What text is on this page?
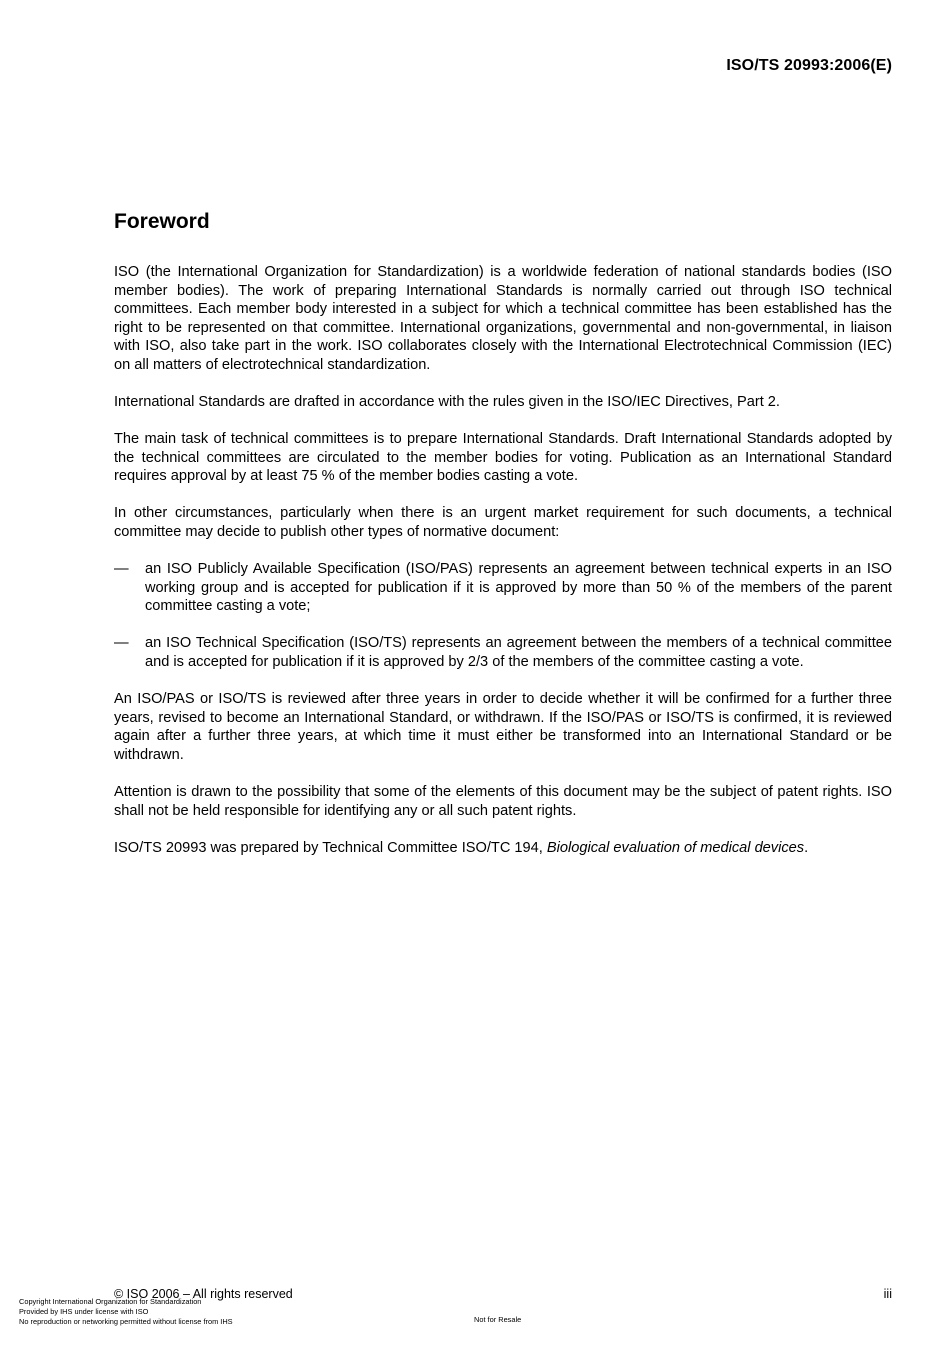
ISO/TS 20993:2006(E)
Foreword

ISO (the International Organization for Standardization) is a worldwide federation of national standards bodies (ISO member bodies). The work of preparing International Standards is normally carried out through ISO technical committees. Each member body interested in a subject for which a technical committee has been established has the right to be represented on that committee. International organizations, governmental and non-governmental, in liaison with ISO, also take part in the work. ISO collaborates closely with the International Electrotechnical Commission (IEC) on all matters of electrotechnical standardization.

International Standards are drafted in accordance with the rules given in the ISO/IEC Directives, Part 2.

The main task of technical committees is to prepare International Standards. Draft International Standards adopted by the technical committees are circulated to the member bodies for voting. Publication as an International Standard requires approval by at least 75 % of the member bodies casting a vote.

In other circumstances, particularly when there is an urgent market requirement for such documents, a technical committee may decide to publish other types of normative document:

— an ISO Publicly Available Specification (ISO/PAS) represents an agreement between technical experts in an ISO working group and is accepted for publication if it is approved by more than 50 % of the members of the parent committee casting a vote;
— an ISO Technical Specification (ISO/TS) represents an agreement between the members of a technical committee and is accepted for publication if it is approved by 2/3 of the members of the committee casting a vote.

An ISO/PAS or ISO/TS is reviewed after three years in order to decide whether it will be confirmed for a further three years, revised to become an International Standard, or withdrawn. If the ISO/PAS or ISO/TS is confirmed, it is reviewed again after a further three years, at which time it must either be transformed into an International Standard or be withdrawn.

Attention is drawn to the possibility that some of the elements of this document may be the subject of patent rights. ISO shall not be held responsible for identifying any or all such patent rights.

ISO/TS 20993 was prepared by Technical Committee ISO/TC 194, Biological evaluation of medical devices.

© ISO 2006 – All rights reserved	iii
Copyright International Organization for Standardization
Provided by IHS under license with ISO
No reproduction or networking permitted without license from IHS	Not for Resale
